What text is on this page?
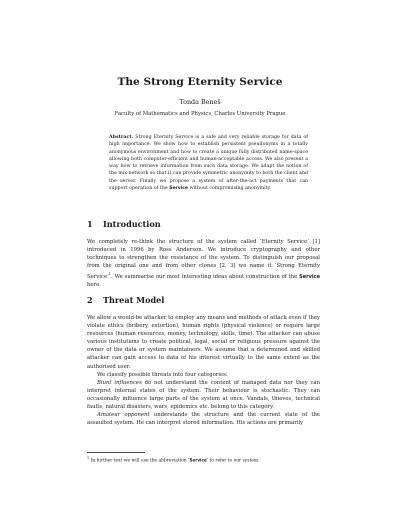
The Strong Eternity Service
Tonda Beneš
Faculty of Mathematics and Physics, Charles University Prague
Abstract. Strong Eternity Service is a safe and very reliable storage for data of high importance. We show how to establish persistent pseudonyms in a totally anonymous environment and how to create a unique fully distributed name-space allowing both computer-efficient and human-acceptable access. We also present a way how to retrieve information from such data storage. We adapt the notion of the mix-network so that it can provide symmetric anonymity to both the client and the server. Finally we propose a system of after-the-act payments that can support operation of the Service without compromising anonymity.
1 Introduction

We completely re-think the structure of the system called ‘Eternity Service’ [1] introduced in 1996 by Ross Anderson. We introduce cryptography and other techniques to strengthen the resistance of the system. To distinguish our proposal from the original one and from other clones [2, 3] we name it ‘Strong Eternity Service’$^1$. We summarise our most interesting ideas about construction of the Service here.

2 Threat Model

We allow a would-be attacker to employ any means and methods of attack even if they violate ethics (bribery, extortion), human rights (physical violence) or require large resources (human resources, money, technology, skills, time). The attacker can abuse various institutions to create political, legal, social or religious pressure against the owner of the data or system maintainers. We assume that a determined and skilled attacker can gain access to data of his interest virtually to the same extent as the authorised user.

We classify possible threats into four categories:

Blunt influences do not understand the content of managed data nor they can interpret internal states of the system. Their behaviour is stochastic. They can occasionally influence large parts of the system at once. Vandals, thieves, technical faults, natural disasters, wars, epidemics etc. belong to this category.

Amateur opponent understands the structure and the current state of the assaulted system. He can interpret stored information. His actions are primarily

$^1$ In further text we will use the abbreviation ‘Service’ to refer to our system.
